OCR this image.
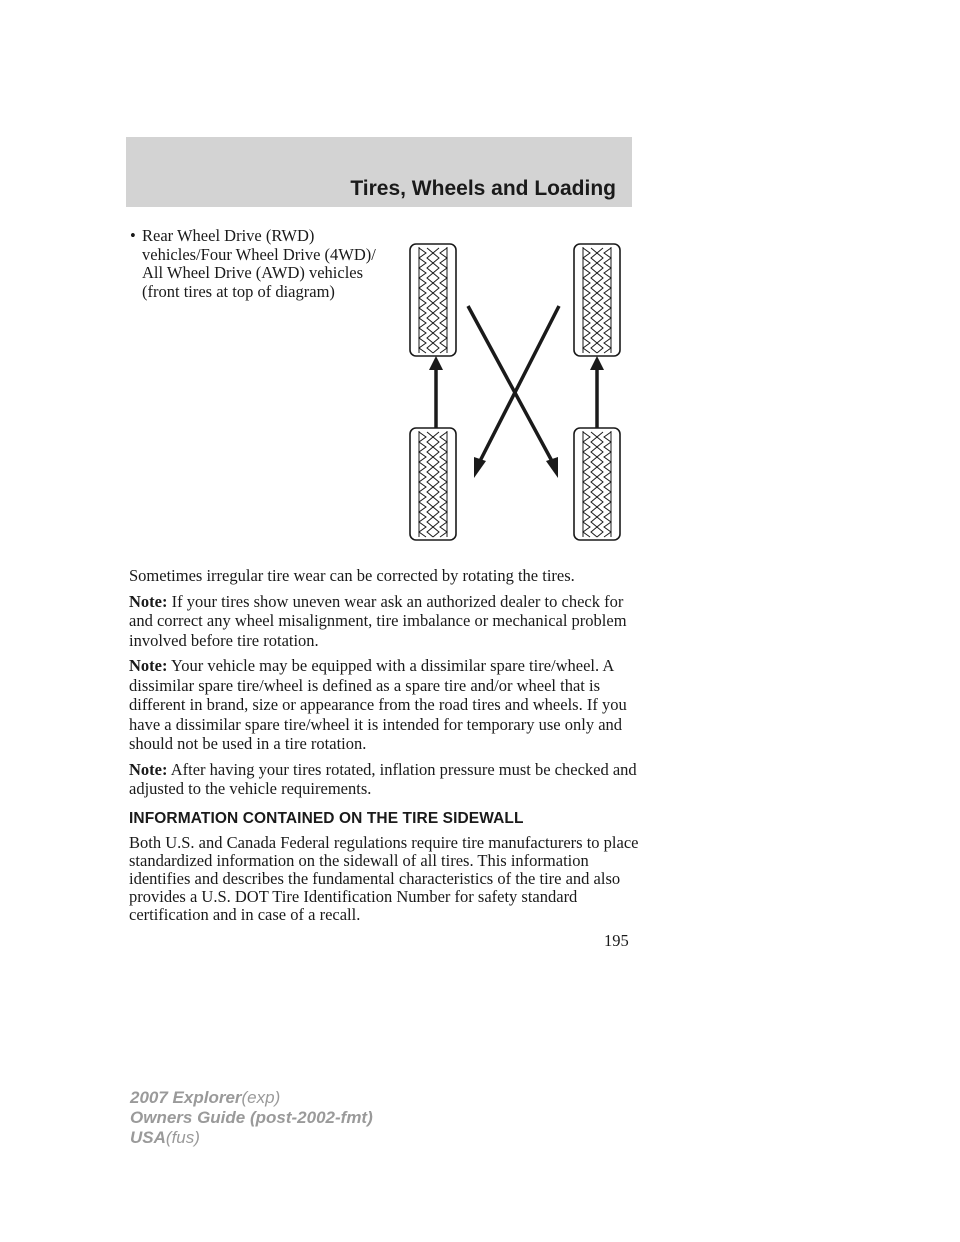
Tires, Wheels and Loading
• Rear Wheel Drive (RWD) vehicles/Four Wheel Drive (4WD)/ All Wheel Drive (AWD) vehicles (front tires at top of diagram)

Sometimes irregular tire wear can be corrected by rotating the tires.

Note: If your tires show uneven wear ask an authorized dealer to check for and correct any wheel misalignment, tire imbalance or mechanical problem involved before tire rotation.

Note: Your vehicle may be equipped with a dissimilar spare tire/wheel. A dissimilar spare tire/wheel is defined as a spare tire and/or wheel that is different in brand, size or appearance from the road tires and wheels. If you have a dissimilar spare tire/wheel it is intended for temporary use only and should not be used in a tire rotation.

Note: After having your tires rotated, inflation pressure must be checked and adjusted to the vehicle requirements.

INFORMATION CONTAINED ON THE TIRE SIDEWALL

Both U.S. and Canada Federal regulations require tire manufacturers to place standardized information on the sidewall of all tires. This information identifies and describes the fundamental characteristics of the tire and also provides a U.S. DOT Tire Identification Number for safety standard certification and in case of a recall.

195
2007 Explorer(exp)
Owners Guide (post-2002-fmt)
USA(fus)
